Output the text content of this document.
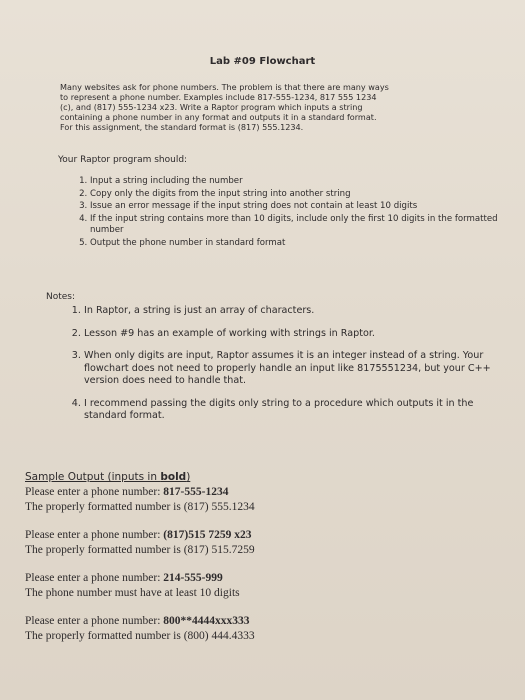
Lab #09 Flowchart
Many websites ask for phone numbers. The problem is that there are many ways
to represent a phone number. Examples include 817-555-1234, 817 555 1234
(c), and (817) 555-1234 x23. Write a Raptor program which inputs a string
containing a phone number in any format and outputs it in a standard format.
For this assignment, the standard format is (817) 555.1234.
Your Raptor program should:
1. Input a string including the number
2. Copy only the digits from the input string into another string
3. Issue an error message if the input string does not contain at least 10 digits
4. If the input string contains more than 10 digits, include only the first 10 digits in the formatted number
5. Output the phone number in standard format
Notes:
1. In Raptor, a string is just an array of characters.
2. Lesson #9 has an example of working with strings in Raptor.
3. When only digits are input, Raptor assumes it is an integer instead of a string. Your flowchart does not need to properly handle an input like 8175551234, but your C++ version does need to handle that.
4. I recommend passing the digits only string to a procedure which outputs it in the standard format.
Sample Output (inputs in bold)
Please enter a phone number: 817-555-1234
The properly formatted number is (817) 555.1234
Please enter a phone number: (817)515 7259 x23
The properly formatted number is (817) 515.7259
Please enter a phone number: 214-555-999
The phone number must have at least 10 digits
Please enter a phone number: 800**4444xxx333
The properly formatted number is (800) 444.4333
